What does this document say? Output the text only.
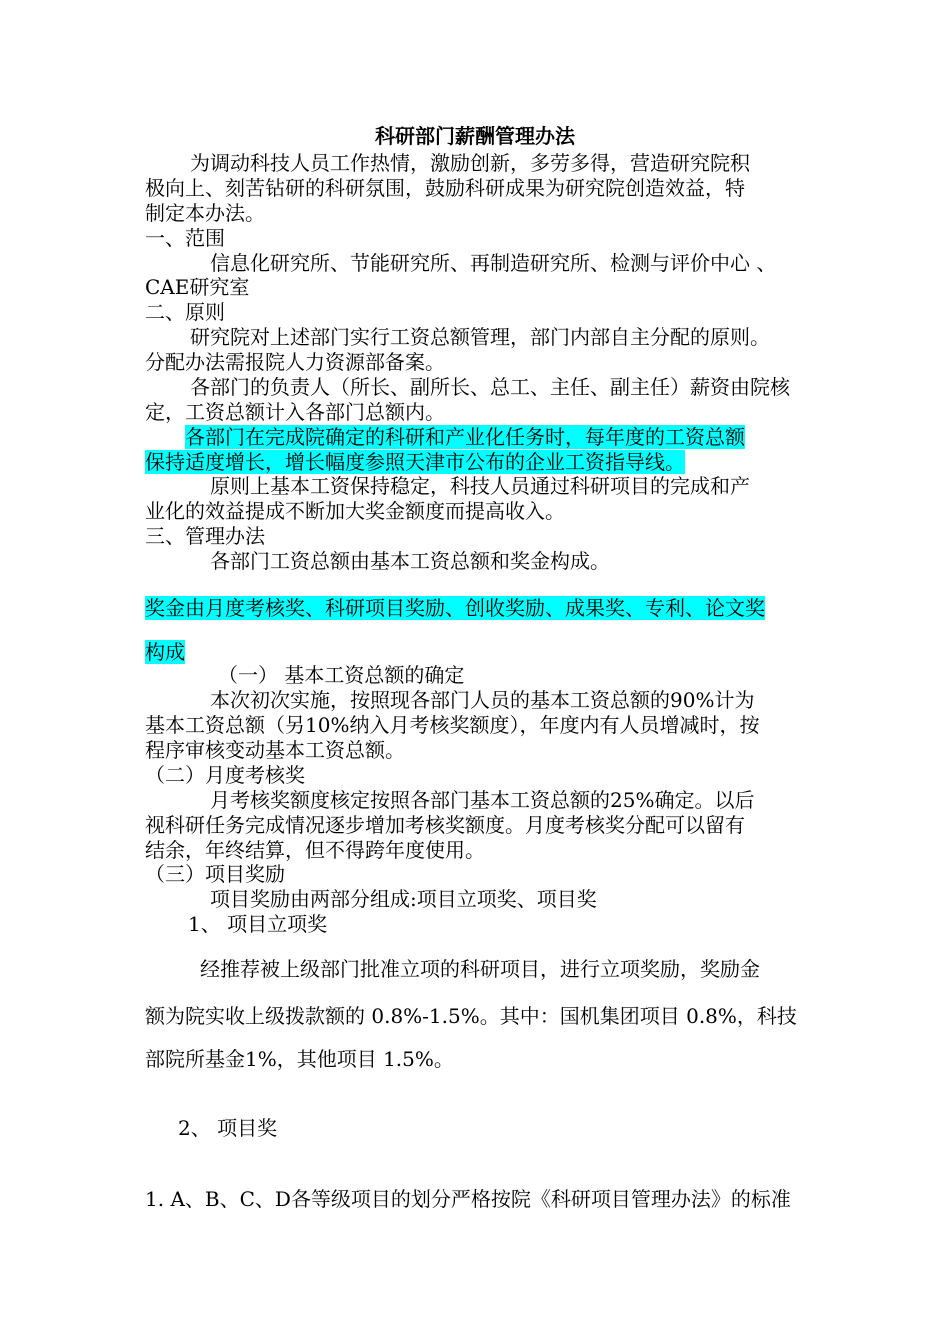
科研部门薪酬管理办法
为调动科技人员工作热情，激励创新，多劳多得，营造研究院积
极向上、刻苦钻研的科研氛围，鼓励科研成果为研究院创造效益，特
制定本办法。
一、范围
信息化研究所、节能研究所、再制造研究所、检测与评价中心 、
CAE研究室
二、原则
研究院对上述部门实行工资总额管理，部门内部自主分配的原则。
分配办法需报院人力资源部备案。
各部门的负责人（所长、副所长、总工、主任、副主任）薪资由院核
定，工资总额计入各部门总额内。
各部门在完成院确定的科研和产业化任务时，每年度的工资总额
保持适度增长，增长幅度参照天津市公布的企业工资指导线。
原则上基本工资保持稳定，科技人员通过科研项目的完成和产
业化的效益提成不断加大奖金额度而提高收入。
三、管理办法
各部门工资总额由基本工资总额和奖金构成。
奖金由月度考核奖、科研项目奖励、创收奖励、成果奖、专利、论文奖
构成
（一） 基本工资总额的确定
本次初次实施，按照现各部门人员的基本工资总额的90%计为
基本工资总额（另10%纳入月考核奖额度），年度内有人员增减时，按
程序审核变动基本工资总额。
（二）月度考核奖
月考核奖额度核定按照各部门基本工资总额的25%确定。以后
视科研任务完成情况逐步增加考核奖额度。月度考核奖分配可以留有
结余，年终结算，但不得跨年度使用。
（三）项目奖励
项目奖励由两部分组成:项目立项奖、项目奖
1、 项目立项奖
经推荐被上级部门批准立项的科研项目，进行立项奖励，奖励金
额为院实收上级拨款额的 0.8%-1.5%。其中：国机集团项目 0.8%，科技
部院所基金1%，其他项目 1.5%。
2、 项目奖
1. A、B、C、D各等级项目的划分严格按院《科研项目管理办法》的标准
